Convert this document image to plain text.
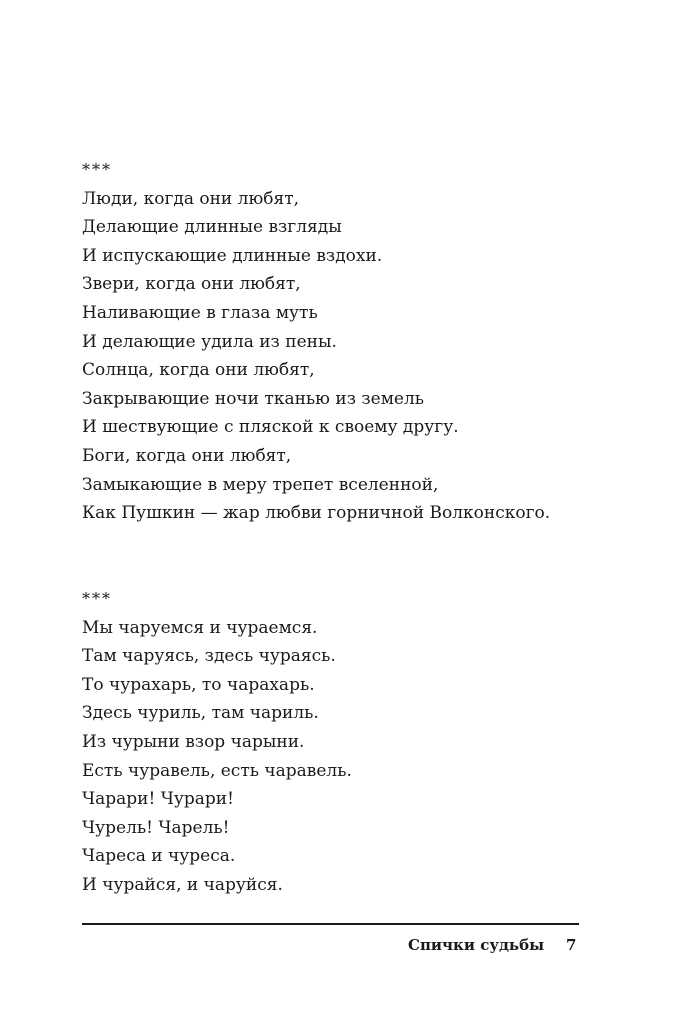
***
Люди, когда они любят,
Делающие длинные взгляды
И испускающие длинные вздохи.
Звери, когда они любят,
Наливающие в глаза муть
И делающие удила из пены.
Солнца, когда они любят,
Закрывающие ночи тканью из земель
И шествующие с пляской к своему другу.
Боги, когда они любят,
Замыкающие в меру трепет вселенной,
Как Пушкин — жар любви горничной Волконского.
***
Мы чаруемся и чураемся.
Там чаруясь, здесь чураясь.
То чурахарь, то чарахарь.
Здесь чуриль, там чариль.
Из чурыни взор чарыни.
Есть чуравель, есть чаравель.
Чарари! Чурари!
Чурель! Чарель!
Чареса и чуреса.
И чурайся, и чаруйся.
Спички судьбы 7
